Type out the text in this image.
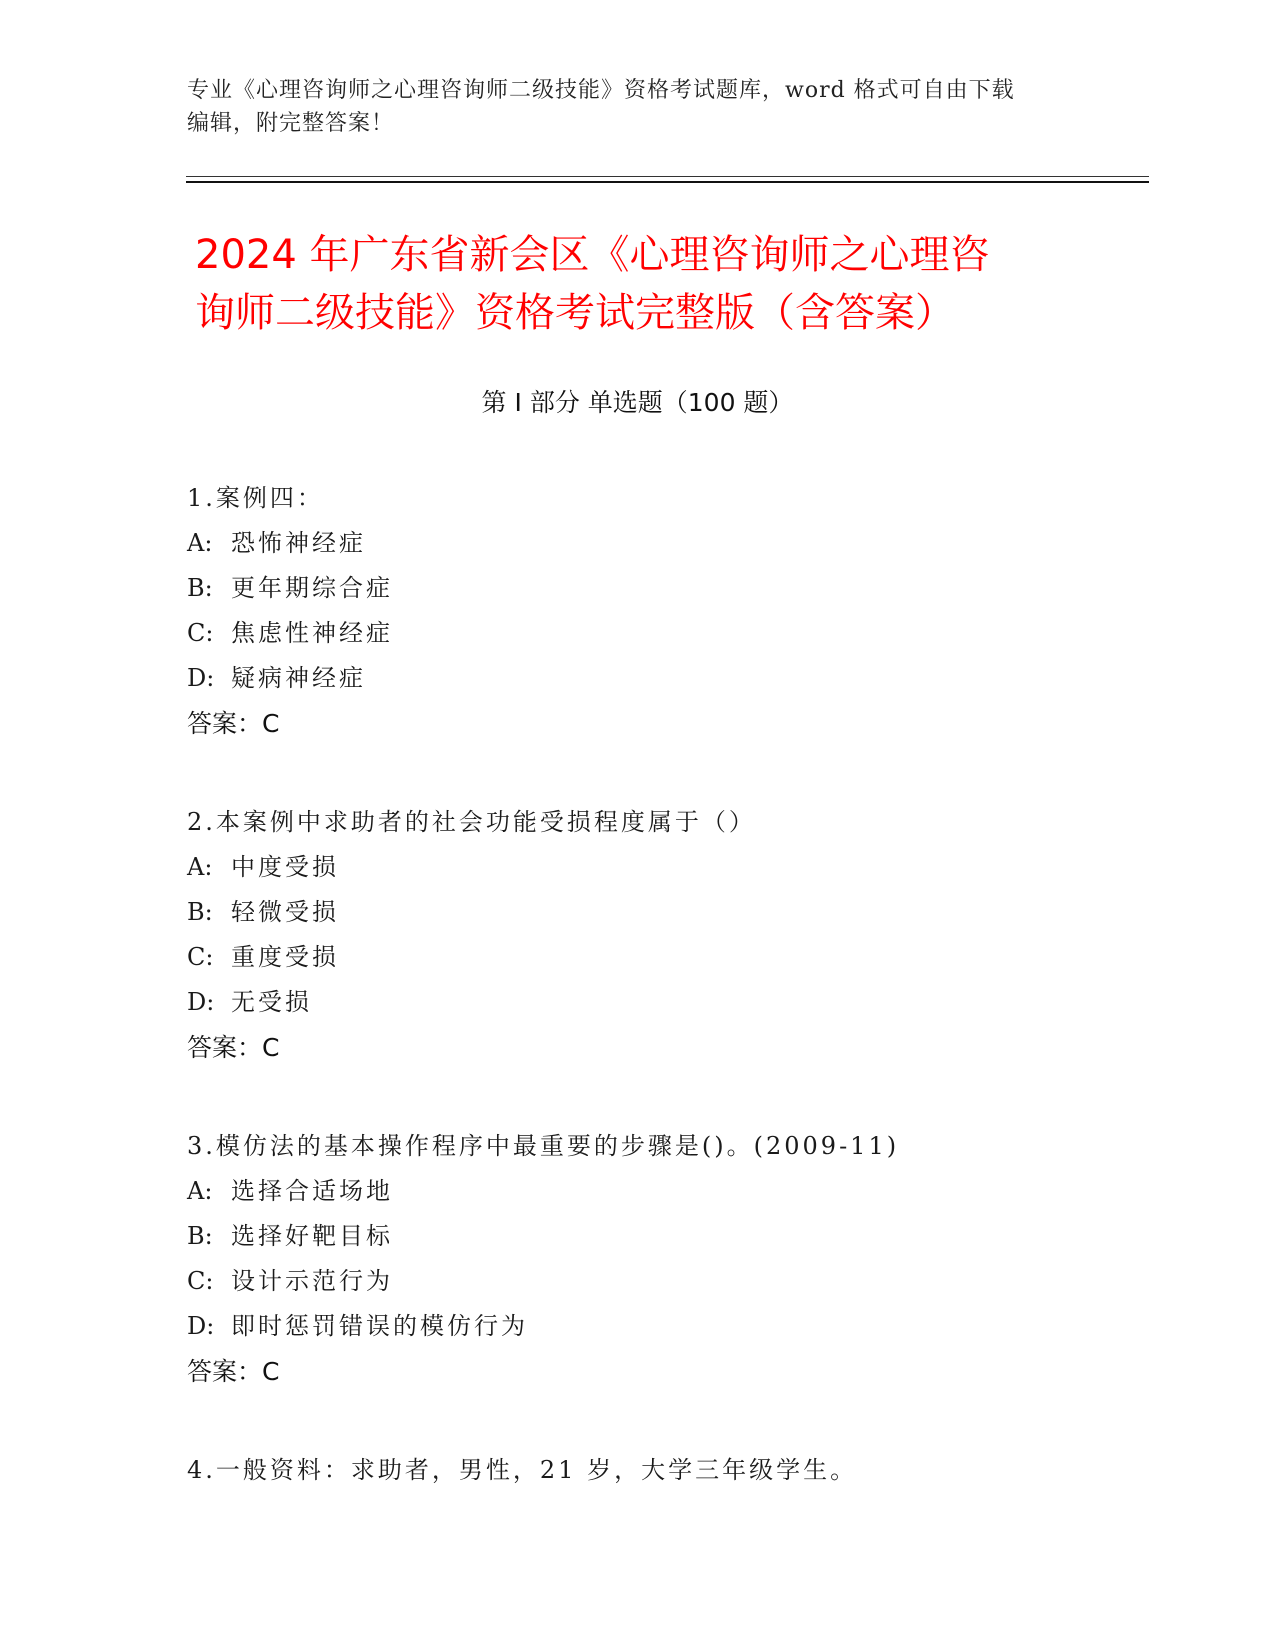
专业《心理咨询师之心理咨询师二级技能》资格考试题库，word 格式可自由下载
编辑，附完整答案！
2024 年广东省新会区《心理咨询师之心理咨
询师二级技能》资格考试完整版（含答案）
第 I 部分 单选题（100 题）
1.案例四：
A: 恐怖神经症
B: 更年期综合症
C: 焦虑性神经症
D: 疑病神经症
答案：C
2.本案例中求助者的社会功能受损程度属于（）
A: 中度受损
B: 轻微受损
C: 重度受损
D: 无受损
答案：C
3.模仿法的基本操作程序中最重要的步骤是()。(2009-11)
A: 选择合适场地
B: 选择好靶目标
C: 设计示范行为
D: 即时惩罚错误的模仿行为
答案：C
4.一般资料：求助者，男性，21 岁，大学三年级学生。
